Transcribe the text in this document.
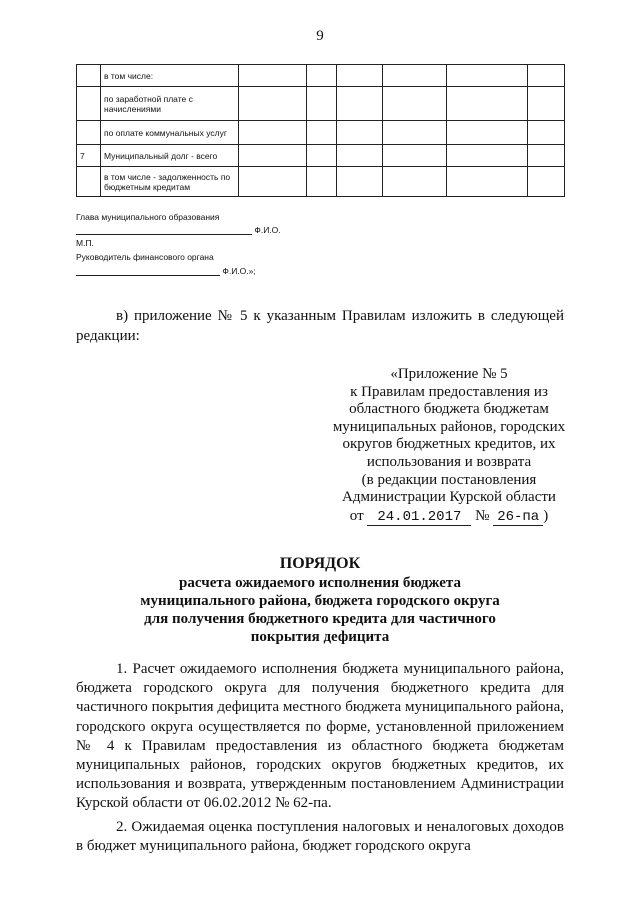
9
	в том числе:						
	по заработной плате с начислениями						
	по оплате коммунальных услуг						
7	Муниципальный долг - всего						
	в том числе - задолженность по бюджетным кредитам						
Глава муниципального образования
Ф.И.О.
М.П.
Руководитель финансового органа
Ф.И.О.»;
в) приложение № 5 к указанным Правилам изложить в следующей редакции:
«Приложение № 5
к Правилам предоставления из
областного бюджета бюджетам
муниципальных районов, городских
округов бюджетных кредитов, их
использования и возврата
(в редакции постановления
Администрации Курской области
от 24.01.2017 № 26-па )
ПОРЯДОК
расчета ожидаемого исполнения бюджета
муниципального района, бюджета городского округа
для получения бюджетного кредита для частичного
покрытия дефицита
1. Расчет ожидаемого исполнения бюджета муниципального района, бюджета городского округа для получения бюджетного кредита для частичного покрытия дефицита местного бюджета муниципального района, городского округа осуществляется по форме, установленной приложением № 4 к Правилам предоставления из областного бюджета бюджетам муниципальных районов, городских округов бюджетных кредитов, их использования и возврата, утвержденным постановлением Администрации Курской области от 06.02.2012 № 62-па.
2. Ожидаемая оценка поступления налоговых и неналоговых доходов в бюджет муниципального района, бюджет городского округа
